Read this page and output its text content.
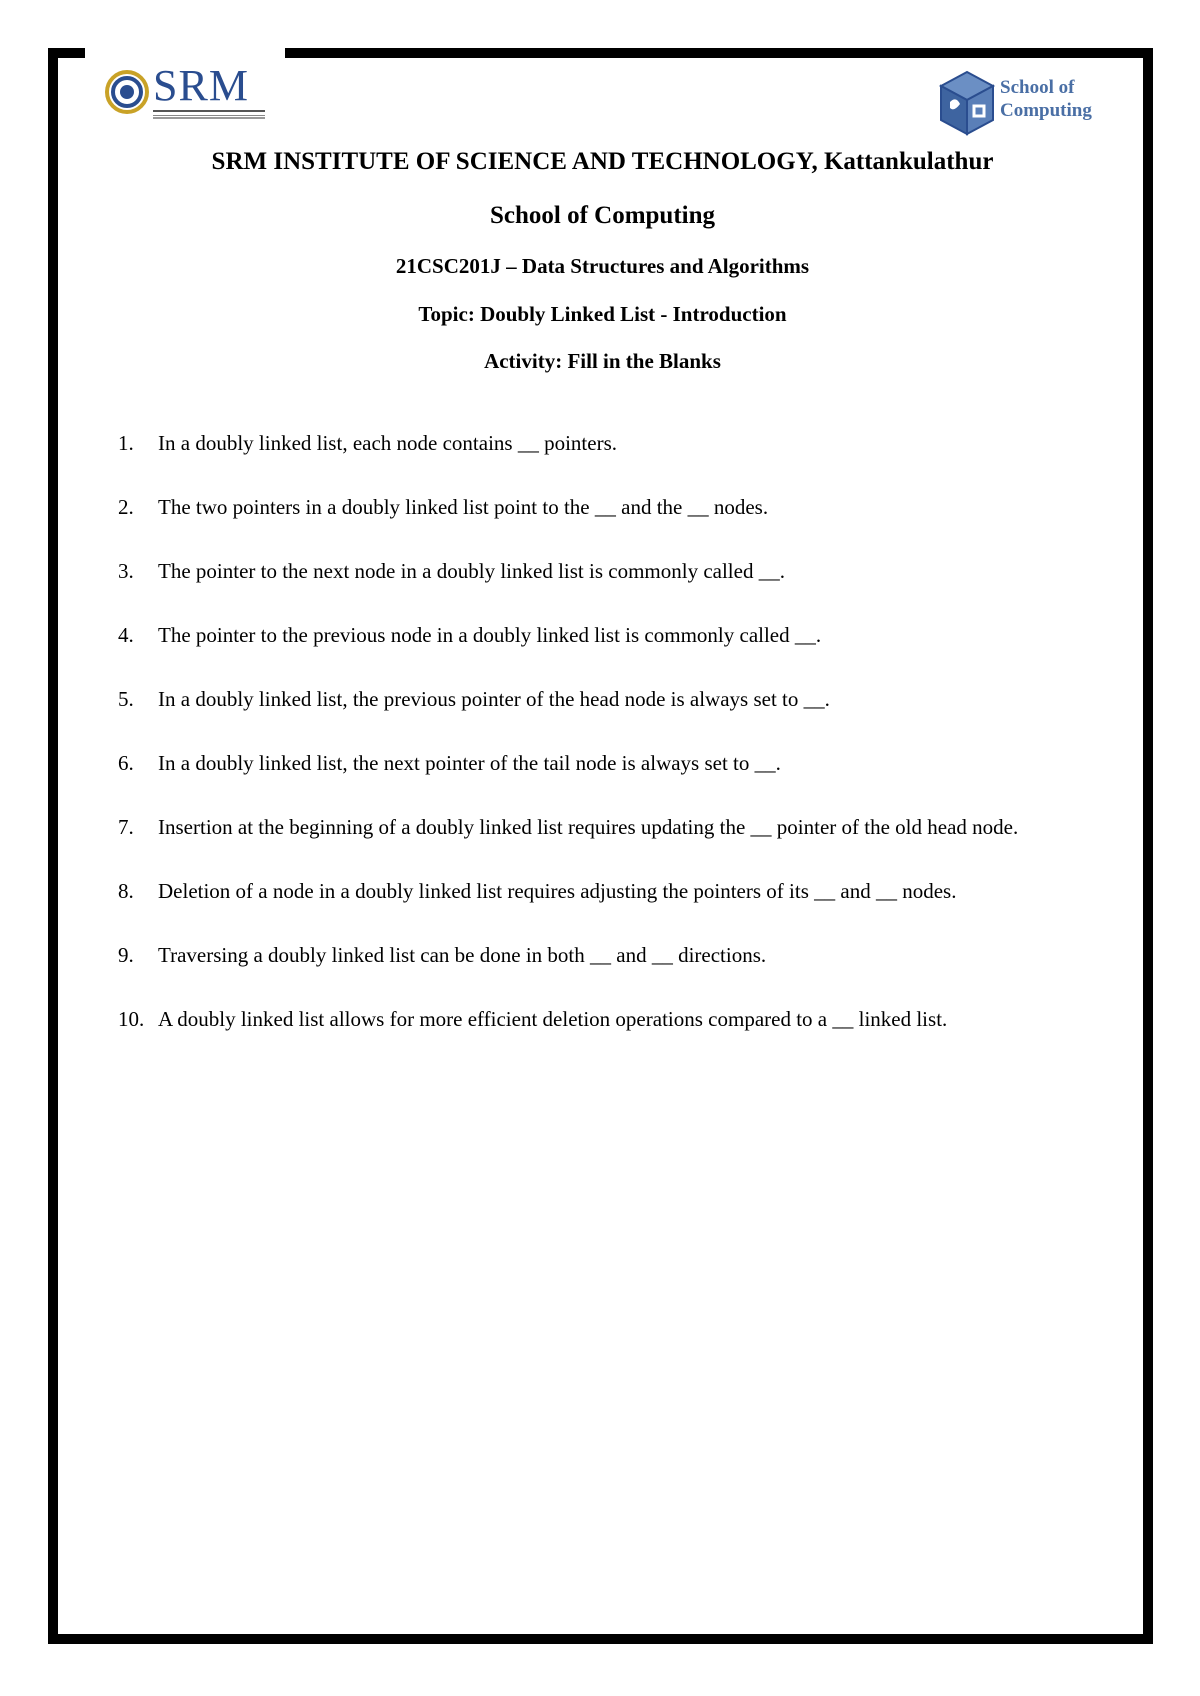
SRM	School of
Computing
SRM INSTITUTE OF SCIENCE AND TECHNOLOGY, Kattankulathur
School of Computing
21CSC201J – Data Structures and Algorithms
Topic: Doubly Linked List - Introduction
Activity: Fill in the Blanks
1. In a doubly linked list, each node contains __ pointers.
2. The two pointers in a doubly linked list point to the __ and the __ nodes.
3. The pointer to the next node in a doubly linked list is commonly called __.
4. The pointer to the previous node in a doubly linked list is commonly called __.
5. In a doubly linked list, the previous pointer of the head node is always set to __.
6. In a doubly linked list, the next pointer of the tail node is always set to __.
7. Insertion at the beginning of a doubly linked list requires updating the __ pointer of the old head node.
8. Deletion of a node in a doubly linked list requires adjusting the pointers of its __ and __ nodes.
9. Traversing a doubly linked list can be done in both __ and __ directions.
10. A doubly linked list allows for more efficient deletion operations compared to a __ linked list.
